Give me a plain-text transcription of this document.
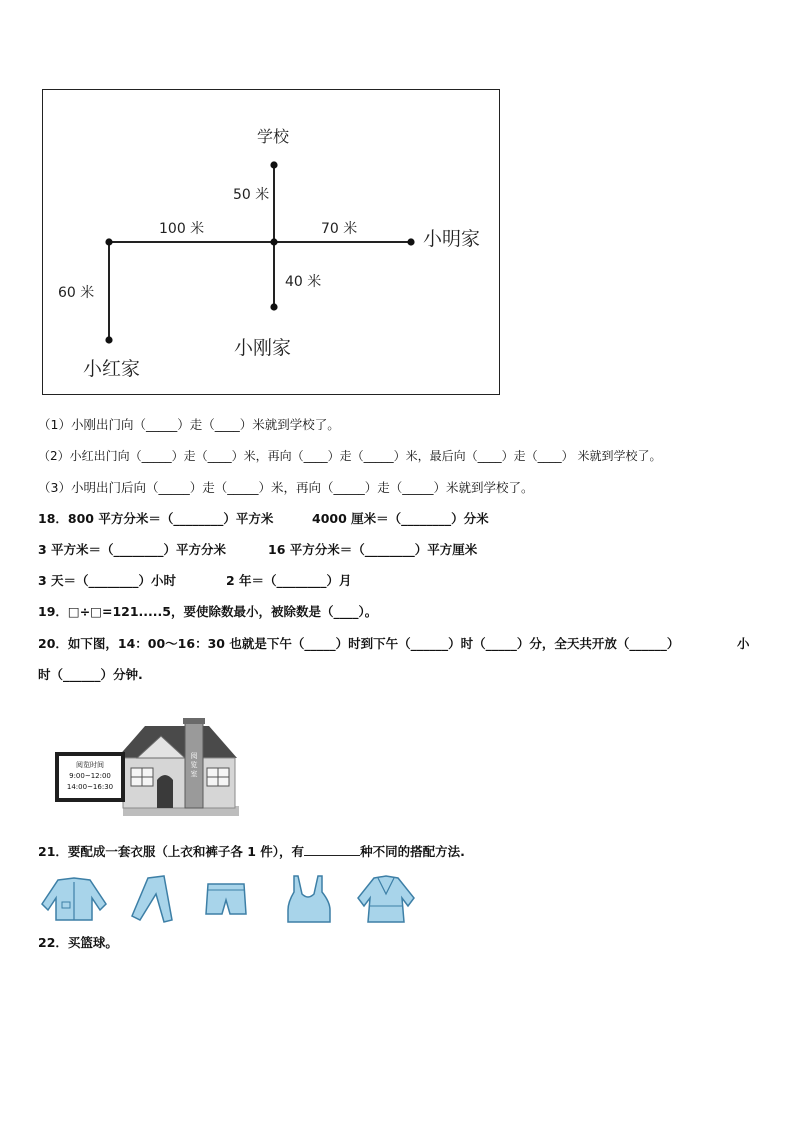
学校
50 米
100 米	70 米	小明家
40 米
60 米
小刚家
小红家
（1）小刚出门向（_____）走（____）米就到学校了。
（2）小红出门向（_____）走（____）米，再向（____）走（_____）米，最后向（____）走（____） 米就到学校了。
（3）小明出门后向（_____）走（_____）米，再向（_____）走（_____）米就到学校了。
18．800 平方分米＝（________）平方米	4000 厘米＝（________）分米
3 平方米＝（________）平方分米	16 平方分米＝（________）平方厘米
3 天＝（________）小时	2 年＝（________）月
19．□÷□=121.....5，要使除数最小，被除数是（____）。
20．如下图，14：00～16：30 也就是下午（_____）时到下午（______）时（_____）分，全天共开放（______）	小
时（______）分钟.
阅览时间
9:00~12:00
14:00~16:30
阅览室
21．要配成一套衣服（上衣和裤子各 1 件），有	种不同的搭配方法.
22．买篮球。
